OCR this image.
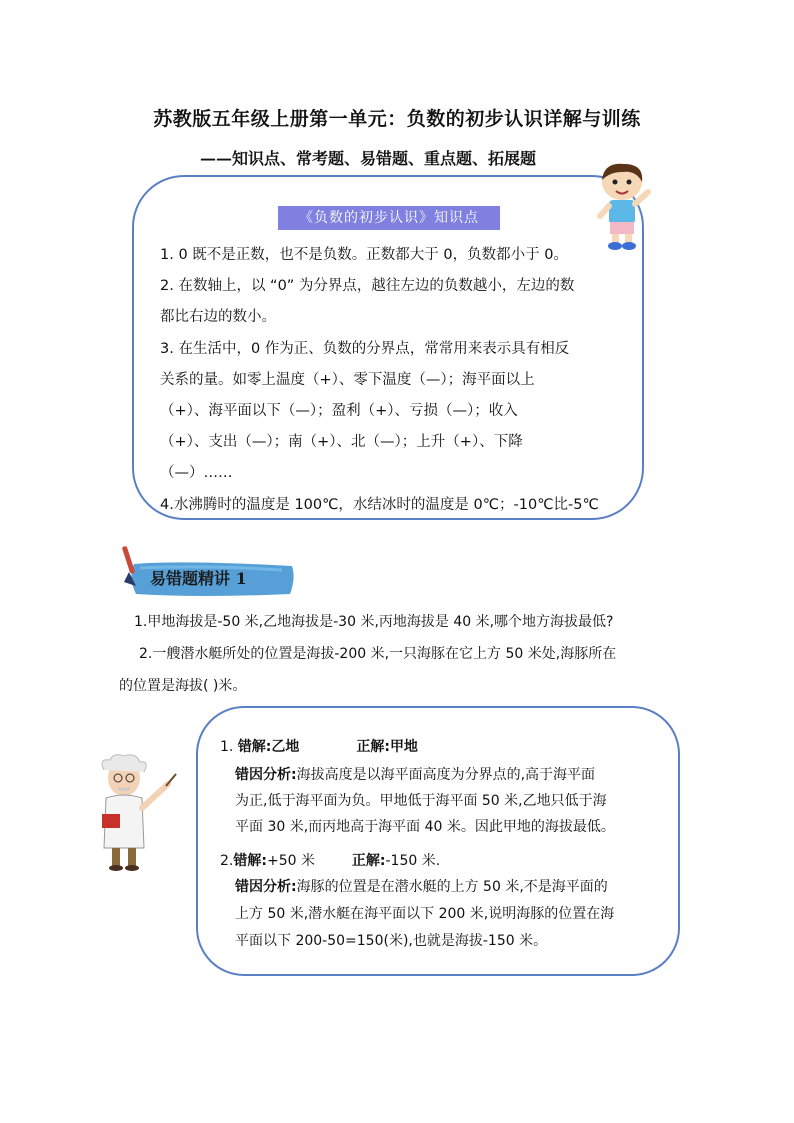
苏教版五年级上册第一单元：负数的初步认识详解与训练
——知识点、常考题、易错题、重点题、拓展题
《负数的初步认识》知识点
1. 0 既不是正数，也不是负数。正数都大于 0，负数都小于 0。
2. 在数轴上，以 “0” 为分界点，越往左边的负数越小，左边的数
都比右边的数小。
3. 在生活中，0 作为正、负数的分界点，常常用来表示具有相反
关系的量。如零上温度（+）、零下温度（—）；海平面以上
（+）、海平面以下（—）；盈利（+）、亏损（—）；收入
（+）、支出（—）；南（+）、北（—）；上升（+）、下降
（—）……
4.水沸腾时的温度是 100℃，水结冰时的温度是 0℃；-10℃比-5℃
易错题精讲 1
1.甲地海拔是-50 米,乙地海拔是-30 米,丙地海拔是 40 米,哪个地方海拔最低?
2.一艘潜水艇所处的位置是海拔-200 米,一只海豚在它上方 50 米处,海豚所在
的位置是海拔( )米。
1. 错解:乙地	正解:甲地
错因分析:海拔高度是以海平面高度为分界点的,高于海平面
为正,低于海平面为负。甲地低于海平面 50 米,乙地只低于海
平面 30 米,而丙地高于海平面 40 米。因此甲地的海拔最低。
2.错解:+50 米	正解:-150 米.
错因分析:海豚的位置是在潜水艇的上方 50 米,不是海平面的
上方 50 米,潜水艇在海平面以下 200 米,说明海豚的位置在海
平面以下 200-50=150(米),也就是海拔-150 米。
